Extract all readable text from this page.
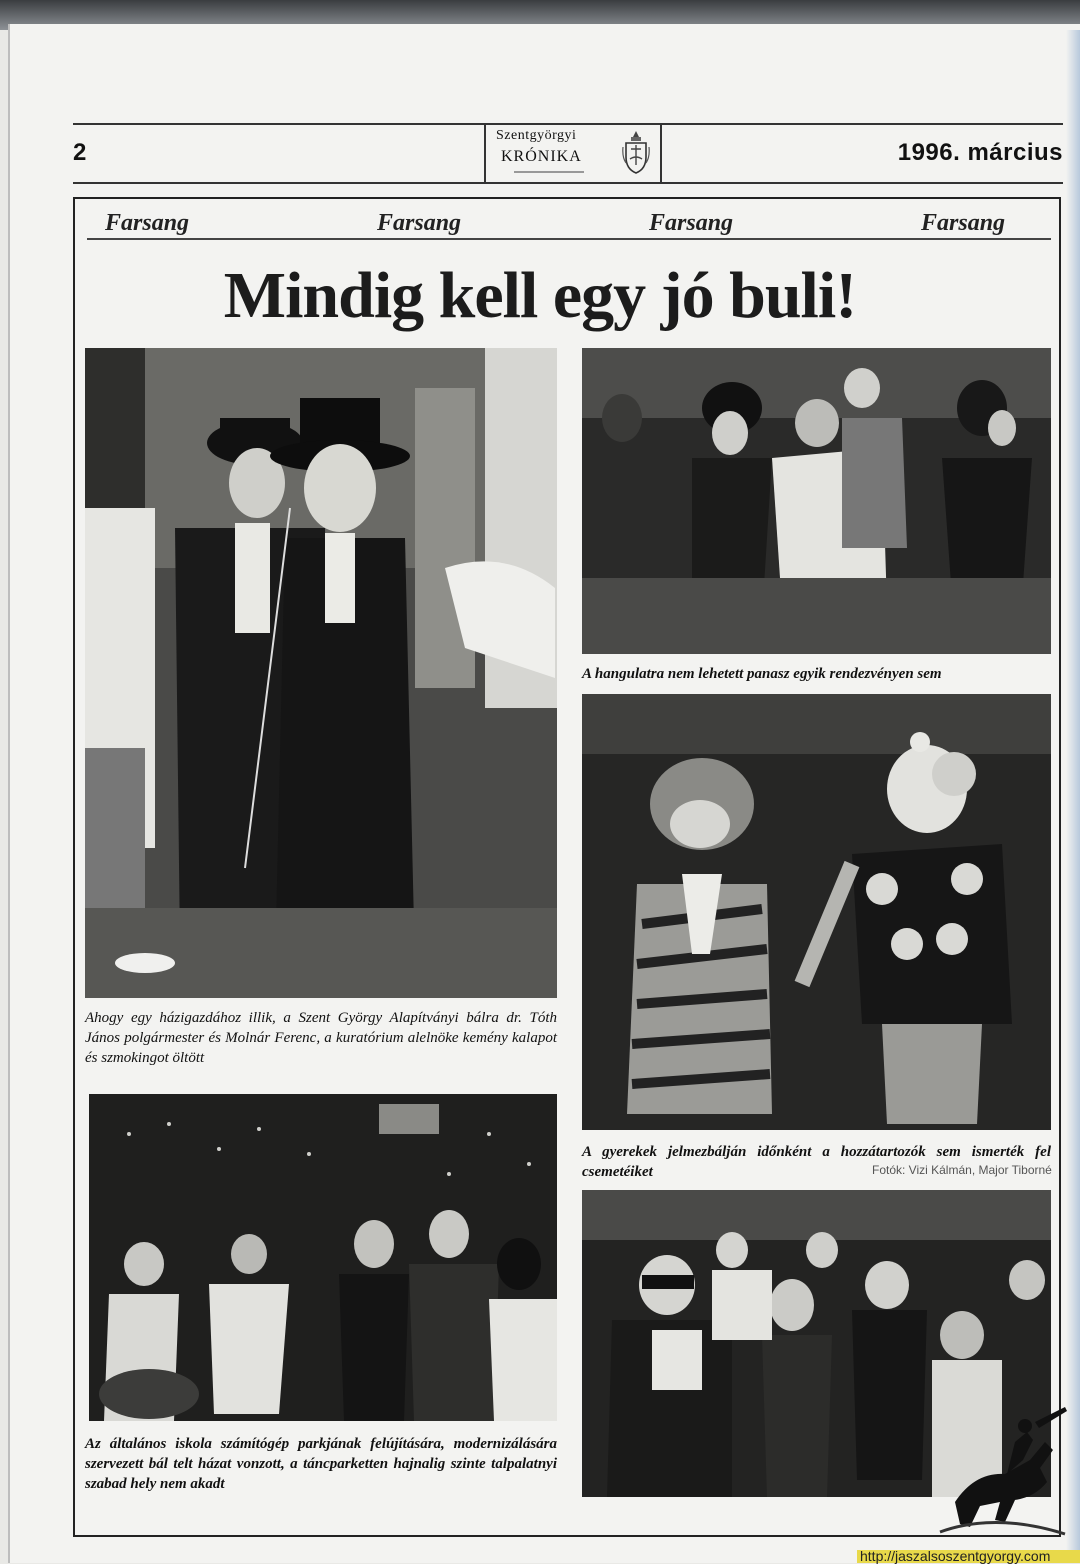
2
Szentgyörgyi
KRÓNIKA	1996. március
Farsang	Farsang	Farsang	Farsang
Mindig kell egy jó buli!
Ahogy egy házigazdához illik, a Szent György Alapítványi bálra dr. Tóth János polgármester és Molnár Ferenc, a kuratórium alelnöke kemény kalapot és szmokingot öltött
A hangulatra nem lehetett panasz egyik rendezvényen sem
A gyerekek jelmezbálján időnként a hozzátartozók sem ismerték fel csemetéiket	Fotók: Vizi Kálmán, Major Tiborné
Az általános iskola számítógép parkjának felújítására, modernizálására szervezett bál telt házat vonzott, a táncparketten hajnalig szinte talpalatnyi szabad hely nem akadt
http://jaszalsoszentgyorgy.com
